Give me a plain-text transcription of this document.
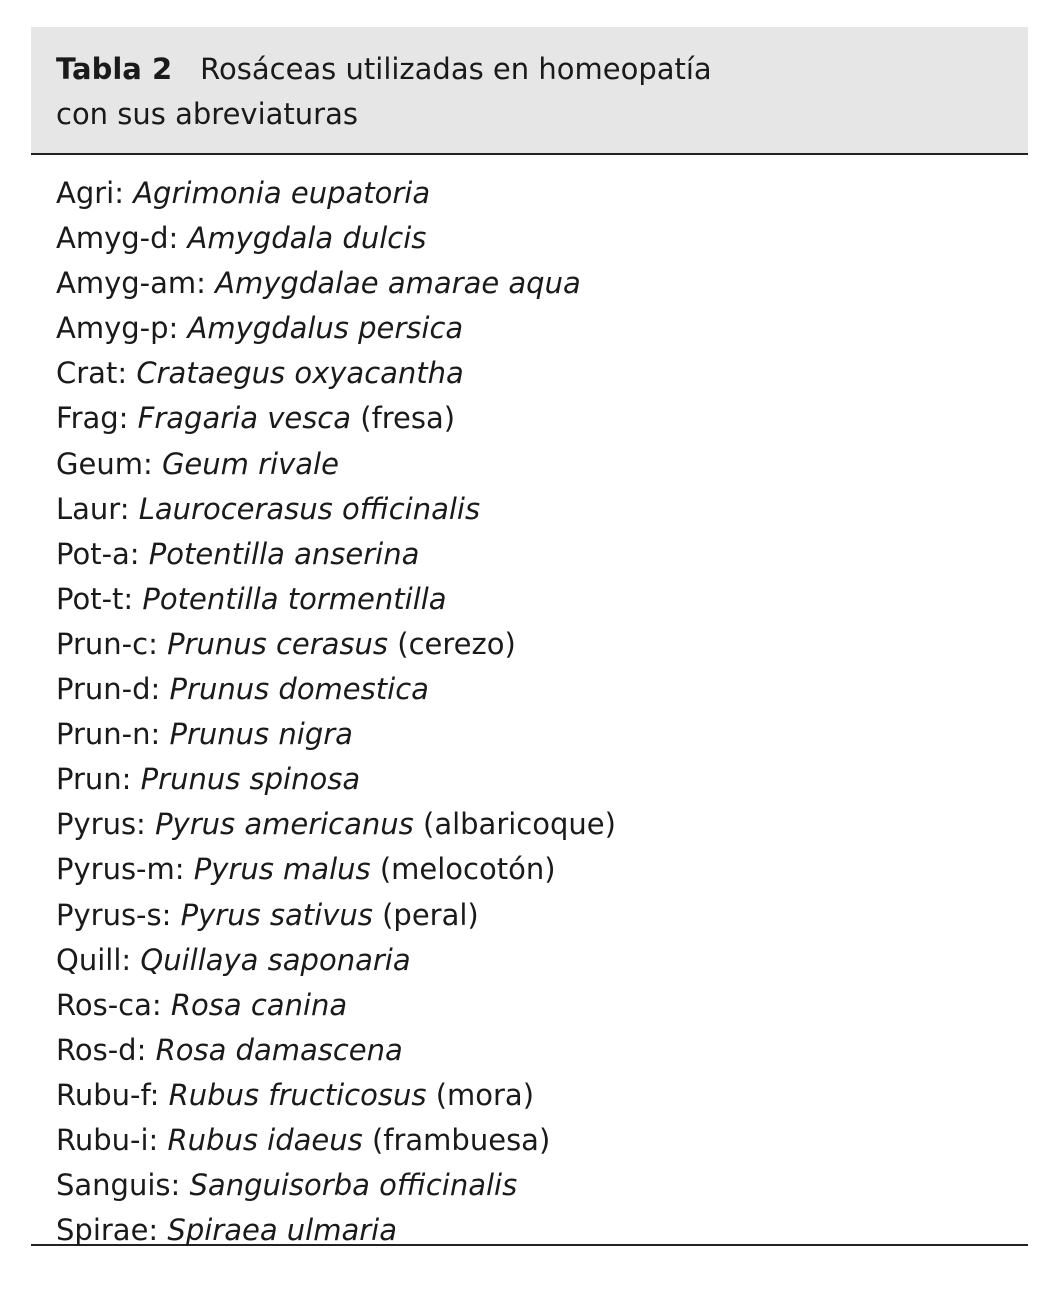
Tabla 2 Rosáceas utilizadas en homeopatía
con sus abreviaturas
Agri: Agrimonia eupatoria
Amyg-d: Amygdala dulcis
Amyg-am: Amygdalae amarae aqua
Amyg-p: Amygdalus persica
Crat: Crataegus oxyacantha
Frag: Fragaria vesca (fresa)
Geum: Geum rivale
Laur: Laurocerasus officinalis
Pot-a: Potentilla anserina
Pot-t: Potentilla tormentilla
Prun-c: Prunus cerasus (cerezo)
Prun-d: Prunus domestica
Prun-n: Prunus nigra
Prun: Prunus spinosa
Pyrus: Pyrus americanus (albaricoque)
Pyrus-m: Pyrus malus (melocotón)
Pyrus-s: Pyrus sativus (peral)
Quill: Quillaya saponaria
Ros-ca: Rosa canina
Ros-d: Rosa damascena
Rubu-f: Rubus fructicosus (mora)
Rubu-i: Rubus idaeus (frambuesa)
Sanguis: Sanguisorba officinalis
Spirae: Spiraea ulmaria
